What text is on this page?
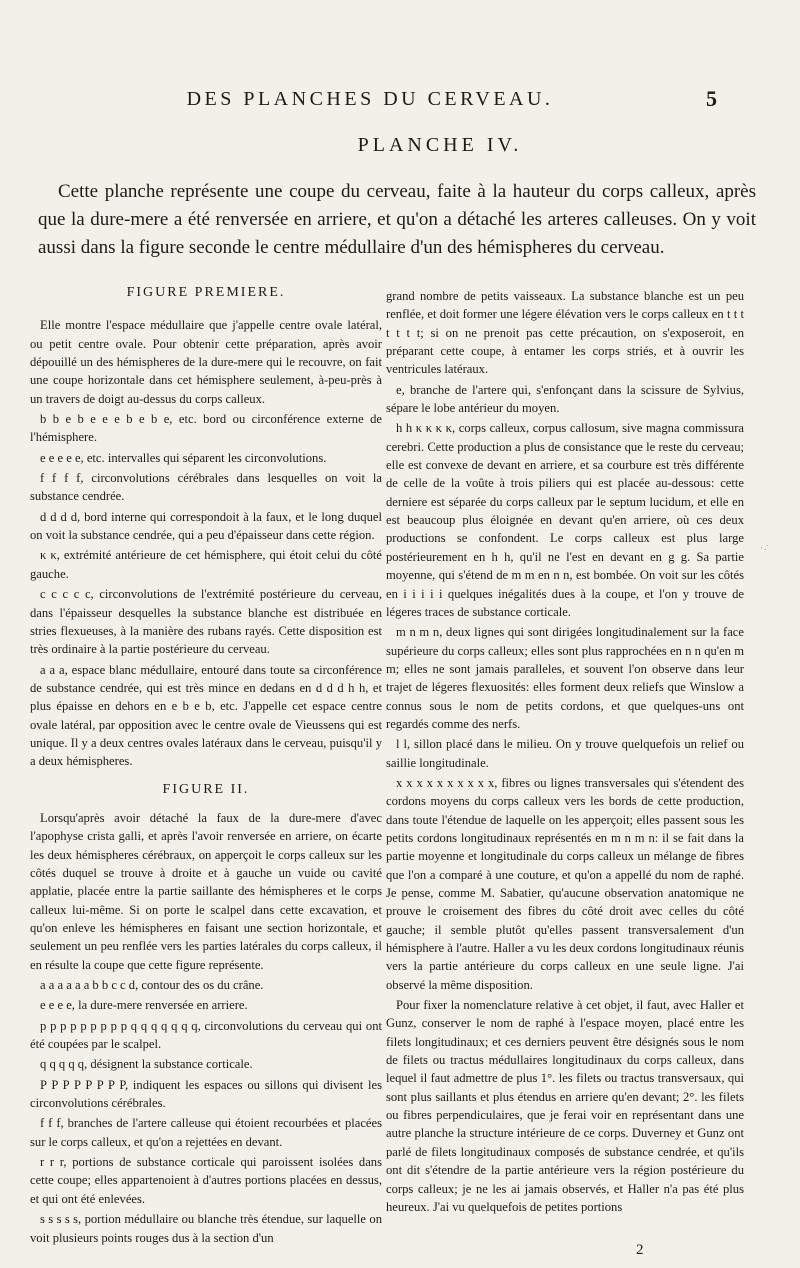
DES PLANCHES DU CERVEAU.	5
PLANCHE IV.
Cette planche représente une coupe du cerveau, faite à la hauteur du corps calleux, après que la dure-mere a été renversée en arriere, et qu'on a détaché les arteres calleuses. On y voit aussi dans la figure seconde le centre médullaire d'un des hémispheres du cerveau.
FIGURE PREMIERE.

Elle montre l'espace médullaire que j'appelle centre ovale latéral, ou petit centre ovale. Pour obtenir cette préparation, après avoir dépouillé un des hémispheres de la dure-mere qui le recouvre, on fait une coupe horizontale dans cet hémisphere seulement, à-peu-près à un travers de doigt au-dessus du corps calleux.

b b e b e e e b e b e, etc. bord ou circonférence externe de l'hémisphere.

e e e e e, etc. intervalles qui séparent les circonvolutions.

f f f f, circonvolutions cérébrales dans lesquelles on voit la substance cendrée.

d d d d, bord interne qui correspondoit à la faux, et le long duquel on voit la substance cendrée, qui a peu d'épaisseur dans cette région.

κ κ, extrémité antérieure de cet hémisphere, qui étoit celui du côté gauche.

c c c c c, circonvolutions de l'extrémité postérieure du cerveau, dans l'épaisseur desquelles la substance blanche est distribuée en stries flexueuses, à la manière des rubans rayés. Cette disposition est très ordinaire à la partie postérieure du cerveau.

a a a, espace blanc médullaire, entouré dans toute sa circonférence de substance cendrée, qui est très mince en dedans en d d d h h, et plus épaisse en dehors en e b e b, etc. J'appelle cet espace centre ovale latéral, par opposition avec le centre ovale de Vieussens qui est unique. Il y a deux centres ovales latéraux dans le cerveau, puisqu'il y a deux hémispheres.

FIGURE II.

Lorsqu'après avoir détaché la faux de la dure-mere d'avec l'apophyse crista galli, et après l'avoir renversée en arriere, on écarte les deux hémispheres cérébraux, on apperçoit le corps calleux sur les côtés duquel se trouve à droite et à gauche un vuide ou cavité applatie, placée entre la partie saillante des hémispheres et le corps calleux lui-même. Si on porte le scalpel dans cette excavation, et qu'on enleve les hémispheres en faisant une section horizontale, et seulement un peu renflée vers les parties latérales du corps calleux, il en résulte la coupe que cette figure représente.

a a a a a a b b c c d, contour des os du crâne.

e e e e, la dure-mere renversée en arriere.

p p p p p p p p p q q q q q q q, circonvolutions du cerveau qui ont été coupées par le scalpel.

q q q q q, désignent la substance corticale.

P P P P P P P P, indiquent les espaces ou sillons qui divisent les circonvolutions cérébrales.

f f f, branches de l'artere calleuse qui étoient recourbées et placées sur le corps calleux, et qu'on a rejettées en devant.

r r r, portions de substance corticale qui paroissent isolées dans cette coupe; elles appartenoient à d'autres portions placées en dessus, et qui ont été enlevées.

s s s s s, portion médullaire ou blanche très étendue, sur laquelle on voit plusieurs points rouges dus à la section d'un

grand nombre de petits vaisseaux. La substance blanche est un peu renflée, et doit former une légere élévation vers le corps calleux en t t t t t t t; si on ne prenoit pas cette précaution, on s'exposeroit, en préparant cette coupe, à entamer les corps striés, et à ouvrir les ventricules latéraux.

e, branche de l'artere qui, s'enfonçant dans la scissure de Sylvius, sépare le lobe antérieur du moyen.

h h κ κ κ κ, corps calleux, corpus callosum, sive magna commissura cerebri. Cette production a plus de consistance que le reste du cerveau; elle est convexe de devant en arriere, et sa courbure est très différente de celle de la voûte à trois piliers qui est placée au-dessous: cette derniere est séparée du corps calleux par le septum lucidum, et elle en est beaucoup plus éloignée en devant qu'en arriere, où ces deux productions se confondent. Le corps calleux est plus large postérieurement en h h, qu'il ne l'est en devant en g g. Sa partie moyenne, qui s'étend de m m en n n, est bombée. On voit sur les côtés en i i i i i quelques inégalités dues à la coupe, et l'on y trouve de légeres traces de substance corticale.

m n m n, deux lignes qui sont dirigées longitudinalement sur la face supérieure du corps calleux; elles sont plus rapprochées en n n qu'en m m; elles ne sont jamais paralleles, et souvent l'on observe dans leur trajet de légeres flexuosités: elles forment deux reliefs que Winslow a connus sous le nom de petits cordons, et que quelques-uns ont regardés comme des nerfs.

l l, sillon placé dans le milieu. On y trouve quelquefois un relief ou saillie longitudinale.

x x x x x x x x x x, fibres ou lignes transversales qui s'étendent des cordons moyens du corps calleux vers les bords de cette production, dans toute l'étendue de laquelle on les apperçoit; elles passent sous les petits cordons longitudinaux représentés en m n m n: il se fait dans la partie moyenne et longitudinale du corps calleux un mélange de fibres que l'on a comparé à une couture, et qu'on a appellé du nom de raphé. Je pense, comme M. Sabatier, qu'aucune observation anatomique ne prouve le croisement des fibres du côté droit avec celles du côté gauche; il semble plutôt qu'elles passent transversalement d'un hémisphere à l'autre. Haller a vu les deux cordons longitudinaux réunis vers la partie antérieure du corps calleux en une seule ligne. J'ai observé la même disposition.

Pour fixer la nomenclature relative à cet objet, il faut, avec Haller et Gunz, conserver le nom de raphé à l'espace moyen, placé entre les filets longitudinaux; et ces derniers peuvent être désignés sous le nom de filets ou tractus médullaires longitudinaux du corps calleux, dans lequel il faut admettre de plus 1°. les filets ou tractus transversaux, qui sont plus saillants et plus étendus en arriere qu'en devant; 2°. les filets ou fibres perpendiculaires, que je ferai voir en représentant dans une autre planche la structure intérieure de ce corps. Duverney et Gunz ont parlé de filets longitudinaux composés de substance cendrée, et qu'ils ont dit s'étendre de la partie antérieure vers la région postérieure du corps calleux; je ne les ai jamais observés, et Haller n'a pas été plus heureux. J'ai vu quelquefois de petites portions

·.·
2
